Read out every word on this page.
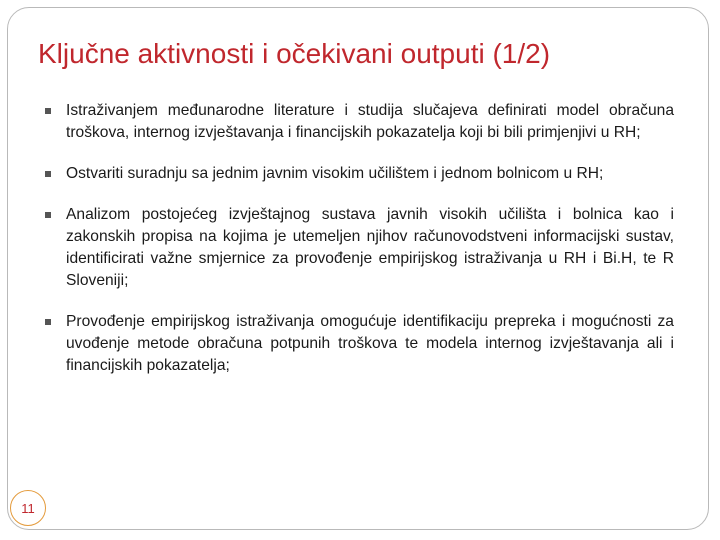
Ključne aktivnosti i očekivani outputi (1/2)
Istraživanjem međunarodne literature i studija slučajeva definirati model obračuna troškova, internog izvještavanja i financijskih pokazatelja koji bi bili primjenjivi u RH;
Ostvariti suradnju sa jednim javnim visokim učilištem i jednom bolnicom u RH;
Analizom postojećeg izvještajnog sustava javnih visokih učilišta i bolnica kao i zakonskih propisa na kojima je utemeljen njihov računovodstveni informacijski sustav, identificirati važne smjernice za provođenje empirijskog istraživanja u RH i Bi.H, te R Sloveniji;
Provođenje empirijskog istraživanja omogućuje identifikaciju prepreka i mogućnosti za uvođenje metode obračuna potpunih troškova te modela internog izvještavanja ali i financijskih pokazatelja;
11
